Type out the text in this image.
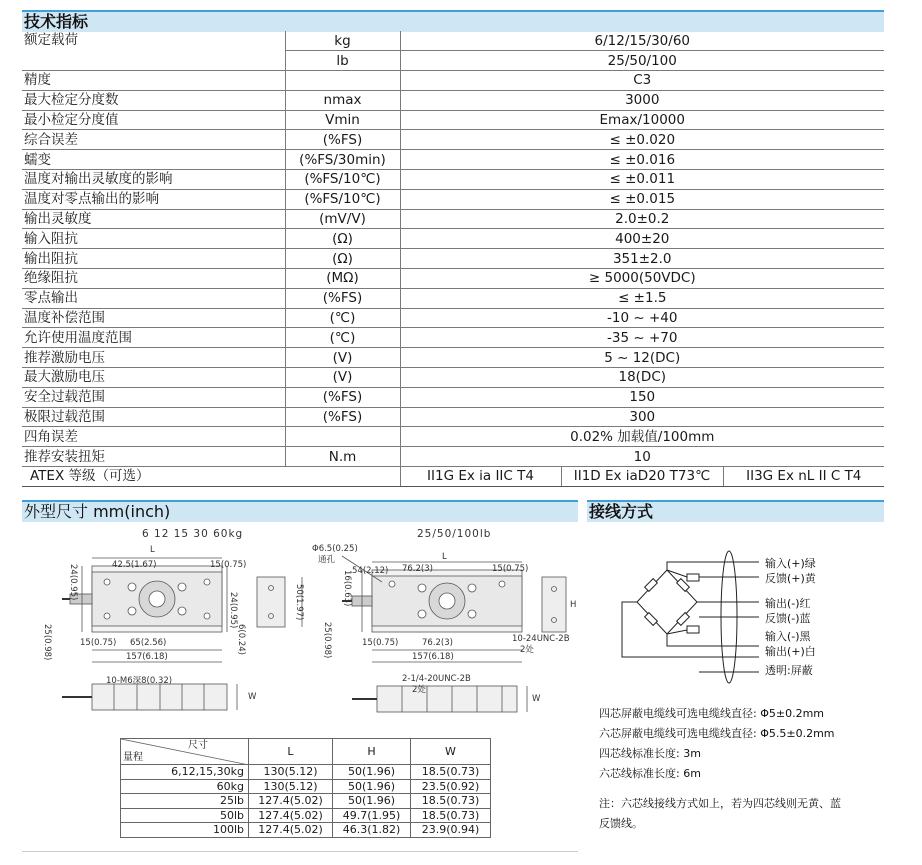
技术指标
额定载荷	kg	6/12/15/30/60		
	lb	25/50/100		
精度		C3		
最大检定分度数	nmax	3000		
最小检定分度值	Vmin	Emax/10000		
综合误差	(%FS)	≤ ±0.020		
蠕变	(%FS/30min)	≤ ±0.016		
温度对输出灵敏度的影响	(%FS/10℃)	≤ ±0.011		
温度对零点输出的影响	(%FS/10℃)	≤ ±0.015		
输出灵敏度	(mV/V)	2.0±0.2		
输入阻抗	(Ω)	400±20		
输出阻抗	(Ω)	351±2.0		
绝缘阻抗	(MΩ)	≥ 5000(50VDC)		
零点输出	(%FS)	≤ ±1.5		
温度补偿范围	(℃)	-10 ~ +40		
允许使用温度范围	(℃)	-35 ~ +70		
推荐激励电压	(V)	5 ~ 12(DC)		
最大激励电压	(V)	18(DC)		
安全过载范围	(%FS)	150		
极限过载范围	(%FS)	300		
四角误差		0.02% 加载值/100mm		
推荐安装扭矩	N.m	10		
ATEX 等级（可选）		II1G Ex ia IIC T4	II1D Ex iaD20 T73℃	II3G Ex nL II C T4
外型尺寸 mm(inch)
6 12 15 30 60kg	25/50/100lb
L
42.5(1.67)	15(0.75)
24(0.95)
24(0.95)	50(1.97)
6(0.24)
25(0.98)	15(0.75) 65(2.56)
157(6.18)
10-M6深8(0.32)
W
Φ6.5(0.25)
通孔
54(2.12) 76.2(3)	15(0.75)
16(0.63)
25(0.98)	15(0.75)	76.2(3)
157(6.18)
10-24UNC-2B
2处
2-1/4-20UNC-2B
2处
W
H
L
尺寸
量程	L	H	W
6,12,15,30kg	130(5.12)	50(1.96)	18.5(0.73)
60kg	130(5.12)	50(1.96)	23.5(0.92)
25lb	127.4(5.02)	50(1.96)	18.5(0.73)
50lb	127.4(5.02)	49.7(1.95)	18.5(0.73)
100lb	127.4(5.02)	46.3(1.82)	23.9(0.94)
接线方式
输入(+)绿
反馈(+)黄
输出(-)红
反馈(-)蓝
输入(-)黑
输出(+)白
透明:屏蔽
四芯屏蔽电缆线可选电缆线直径: Φ5±0.2mm
六芯屏蔽电缆线可选电缆线直径: Φ5.5±0.2mm
四芯线标准长度: 3m
六芯线标准长度: 6m
注：六芯线接线方式如上，若为四芯线则无黄、蓝
反馈线。
